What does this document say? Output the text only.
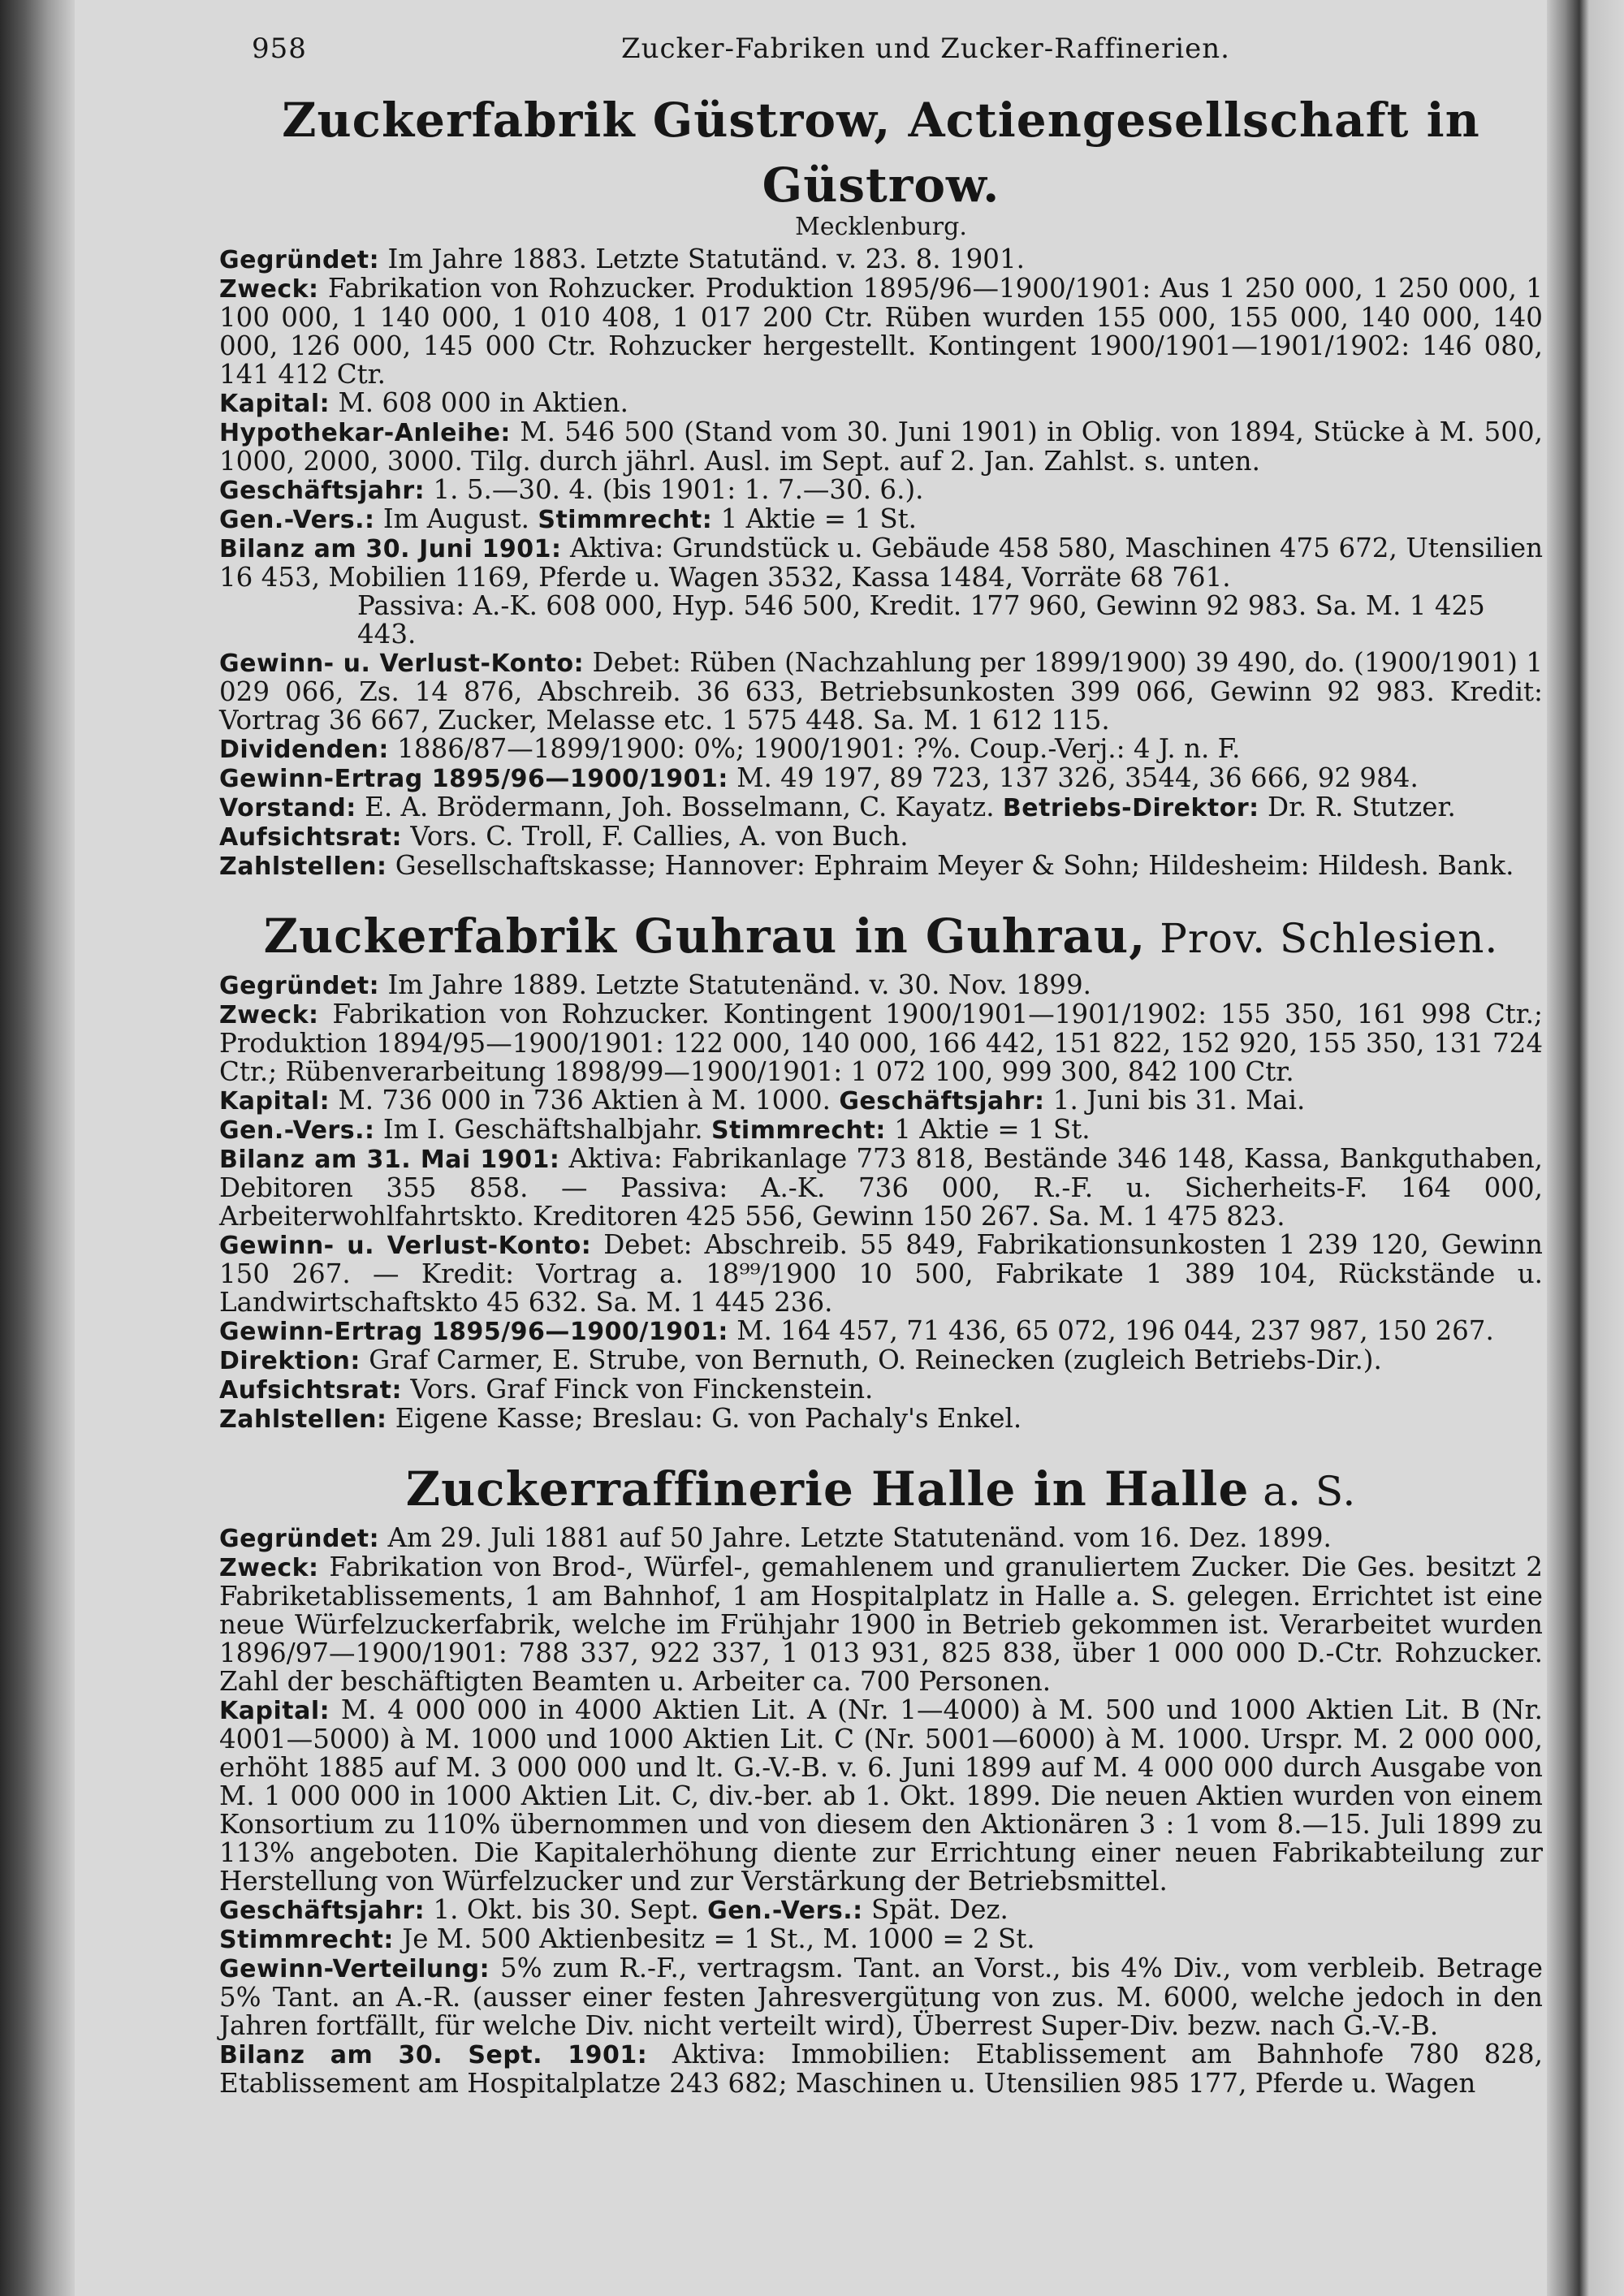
958	Zucker-Fabriken und Zucker-Raffinerien.
Zuckerfabrik Güstrow, Actiengesellschaft in Güstrow.
Mecklenburg.
Gegründet: Im Jahre 1883. Letzte Statutänd. v. 23. 8. 1901.
Zweck: Fabrikation von Rohzucker. Produktion 1895/96—1900/1901: Aus 1 250 000, 1 250 000, 1 100 000, 1 140 000, 1 010 408, 1 017 200 Ctr. Rüben wurden 155 000, 155 000, 140 000, 140 000, 126 000, 145 000 Ctr. Rohzucker hergestellt. Kontingent 1900/1901—1901/1902: 146 080, 141 412 Ctr.
Kapital: M. 608 000 in Aktien.
Hypothekar-Anleihe: M. 546 500 (Stand vom 30. Juni 1901) in Oblig. von 1894, Stücke à M. 500, 1000, 2000, 3000. Tilg. durch jährl. Ausl. im Sept. auf 2. Jan. Zahlst. s. unten.
Geschäftsjahr: 1. 5.—30. 4. (bis 1901: 1. 7.—30. 6.).
Gen.-Vers.: Im August. Stimmrecht: 1 Aktie = 1 St.
Bilanz am 30. Juni 1901: Aktiva: Grundstück u. Gebäude 458 580, Maschinen 475 672, Utensilien 16 453, Mobilien 1169, Pferde u. Wagen 3532, Kassa 1484, Vorräte 68 761.
Passiva: A.-K. 608 000, Hyp. 546 500, Kredit. 177 960, Gewinn 92 983. Sa. M. 1 425 443.
Gewinn- u. Verlust-Konto: Debet: Rüben (Nachzahlung per 1899/1900) 39 490, do. (1900/1901) 1 029 066, Zs. 14 876, Abschreib. 36 633, Betriebsunkosten 399 066, Gewinn 92 983. Kredit: Vortrag 36 667, Zucker, Melasse etc. 1 575 448. Sa. M. 1 612 115.
Dividenden: 1886/87—1899/1900: 0%; 1900/1901: ?%. Coup.-Verj.: 4 J. n. F.
Gewinn-Ertrag 1895/96—1900/1901: M. 49 197, 89 723, 137 326, 3544, 36 666, 92 984.
Vorstand: E. A. Brödermann, Joh. Bosselmann, C. Kayatz. Betriebs-Direktor: Dr. R. Stutzer.
Aufsichtsrat: Vors. C. Troll, F. Callies, A. von Buch.
Zahlstellen: Gesellschaftskasse; Hannover: Ephraim Meyer & Sohn; Hildesheim: Hildesh. Bank.
Zuckerfabrik Guhrau in Guhrau, Prov. Schlesien.
Gegründet: Im Jahre 1889. Letzte Statutenänd. v. 30. Nov. 1899.
Zweck: Fabrikation von Rohzucker. Kontingent 1900/1901—1901/1902: 155 350, 161 998 Ctr.; Produktion 1894/95—1900/1901: 122 000, 140 000, 166 442, 151 822, 152 920, 155 350, 131 724 Ctr.; Rübenverarbeitung 1898/99—1900/1901: 1 072 100, 999 300, 842 100 Ctr.
Kapital: M. 736 000 in 736 Aktien à M. 1000. Geschäftsjahr: 1. Juni bis 31. Mai.
Gen.-Vers.: Im I. Geschäftshalbjahr. Stimmrecht: 1 Aktie = 1 St.
Bilanz am 31. Mai 1901: Aktiva: Fabrikanlage 773 818, Bestände 346 148, Kassa, Bankguthaben, Debitoren 355 858. — Passiva: A.-K. 736 000, R.-F. u. Sicherheits-F. 164 000, Arbeiterwohlfahrtskto. Kreditoren 425 556, Gewinn 150 267. Sa. M. 1 475 823.
Gewinn- u. Verlust-Konto: Debet: Abschreib. 55 849, Fabrikationsunkosten 1 239 120, Gewinn 150 267. — Kredit: Vortrag a. 18⁹⁹/1900 10 500, Fabrikate 1 389 104, Rückstände u. Landwirtschaftskto 45 632. Sa. M. 1 445 236.
Gewinn-Ertrag 1895/96—1900/1901: M. 164 457, 71 436, 65 072, 196 044, 237 987, 150 267.
Direktion: Graf Carmer, E. Strube, von Bernuth, O. Reinecken (zugleich Betriebs-Dir.).
Aufsichtsrat: Vors. Graf Finck von Finckenstein.
Zahlstellen: Eigene Kasse; Breslau: G. von Pachaly's Enkel.
Zuckerraffinerie Halle in Halle a. S.
Gegründet: Am 29. Juli 1881 auf 50 Jahre. Letzte Statutenänd. vom 16. Dez. 1899.
Zweck: Fabrikation von Brod-, Würfel-, gemahlenem und granuliertem Zucker. Die Ges. besitzt 2 Fabriketablissements, 1 am Bahnhof, 1 am Hospitalplatz in Halle a. S. gelegen. Errichtet ist eine neue Würfelzuckerfabrik, welche im Frühjahr 1900 in Betrieb gekommen ist. Verarbeitet wurden 1896/97—1900/1901: 788 337, 922 337, 1 013 931, 825 838, über 1 000 000 D.-Ctr. Rohzucker. Zahl der beschäftigten Beamten u. Arbeiter ca. 700 Personen.
Kapital: M. 4 000 000 in 4000 Aktien Lit. A (Nr. 1—4000) à M. 500 und 1000 Aktien Lit. B (Nr. 4001—5000) à M. 1000 und 1000 Aktien Lit. C (Nr. 5001—6000) à M. 1000. Urspr. M. 2 000 000, erhöht 1885 auf M. 3 000 000 und lt. G.-V.-B. v. 6. Juni 1899 auf M. 4 000 000 durch Ausgabe von M. 1 000 000 in 1000 Aktien Lit. C, div.-ber. ab 1. Okt. 1899. Die neuen Aktien wurden von einem Konsortium zu 110% übernommen und von diesem den Aktionären 3 : 1 vom 8.—15. Juli 1899 zu 113% angeboten. Die Kapitalerhöhung diente zur Errichtung einer neuen Fabrikabteilung zur Herstellung von Würfelzucker und zur Verstärkung der Betriebsmittel.
Geschäftsjahr: 1. Okt. bis 30. Sept. Gen.-Vers.: Spät. Dez.
Stimmrecht: Je M. 500 Aktienbesitz = 1 St., M. 1000 = 2 St.
Gewinn-Verteilung: 5% zum R.-F., vertragsm. Tant. an Vorst., bis 4% Div., vom verbleib. Betrage 5% Tant. an A.-R. (ausser einer festen Jahresvergütung von zus. M. 6000, welche jedoch in den Jahren fortfällt, für welche Div. nicht verteilt wird), Überrest Super-Div. bezw. nach G.-V.-B.
Bilanz am 30. Sept. 1901: Aktiva: Immobilien: Etablissement am Bahnhofe 780 828, Etablissement am Hospitalplatze 243 682; Maschinen u. Utensilien 985 177, Pferde u. Wagen
